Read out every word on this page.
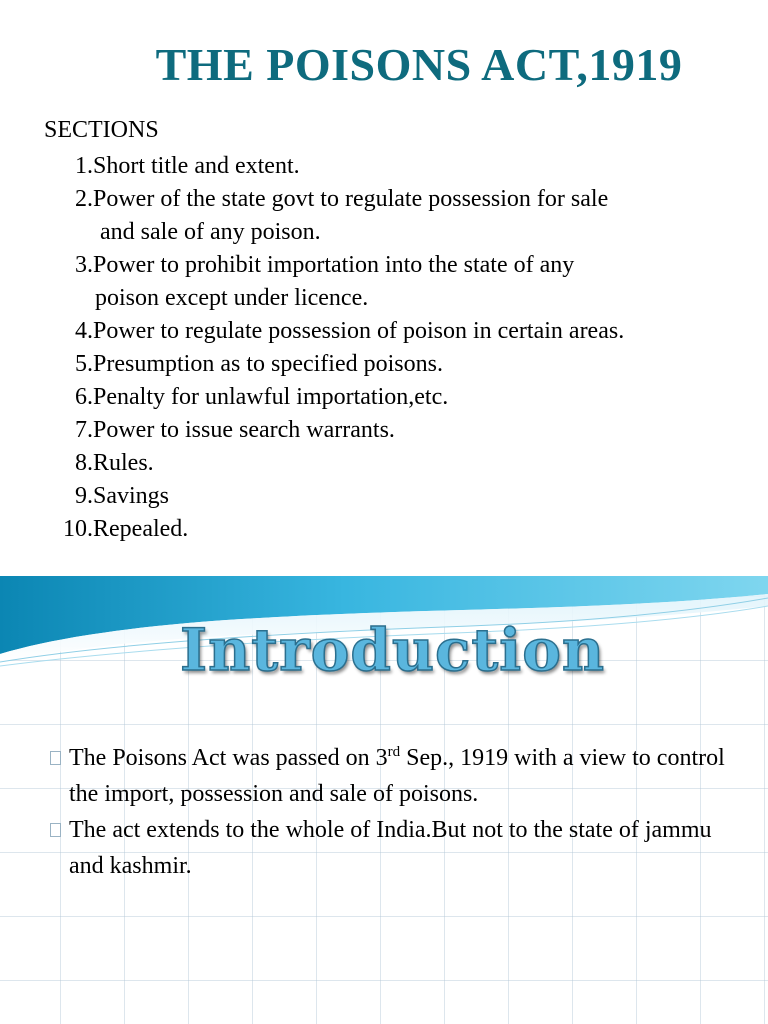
THE POISONS ACT,1919
SECTIONS
1. Short title and extent.
2. Power of the state govt to regulate possession for sale
and sale of any poison.
3. Power to prohibit importation into the state of any
poison except under licence.
4. Power to regulate possession of poison in certain areas.
5. Presumption as to specified poisons.
6. Penalty for unlawful importation,etc.
7. Power to issue search warrants.
8. Rules.
9. Savings
10. Repealed.
Introduction
The Poisons Act was passed on 3rd Sep., 1919 with a view to control the import, possession and sale of poisons.
The act extends to the whole of India.But not to the state of jammu and kashmir.
